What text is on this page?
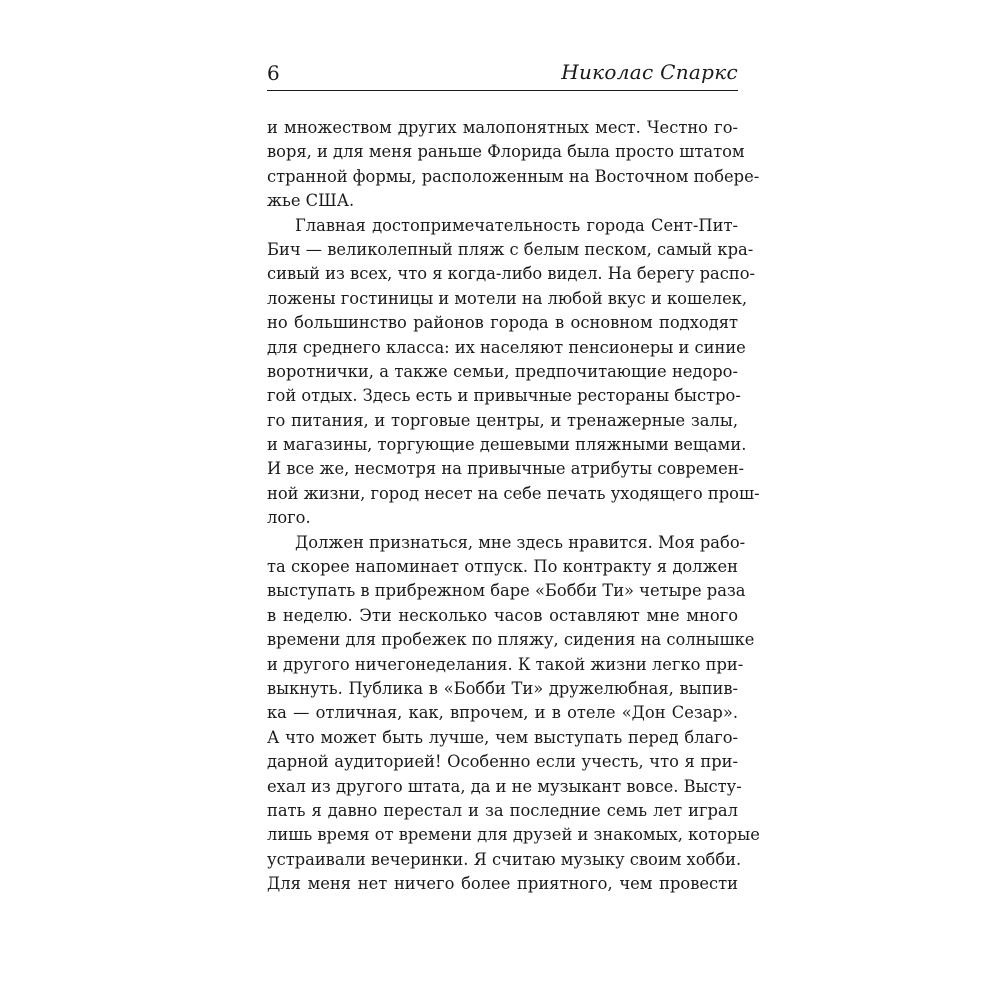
6	Николас Спаркс
и множеством других малопонятных мест. Честно го-
воря, и для меня раньше Флорида была просто штатом
странной формы, расположенным на Восточном побере-
жье США.
Главная достопримечательность города Сент-Пит-
Бич — великолепный пляж с белым песком, самый кра-
сивый из всех, что я когда-либо видел. На берегу распо-
ложены гостиницы и мотели на любой вкус и кошелек,
но большинство районов города в основном подходят
для среднего класса: их населяют пенсионеры и синие
воротнички, а также семьи, предпочитающие недоро-
гой отдых. Здесь есть и привычные рестораны быстро-
го питания, и торговые центры, и тренажерные залы,
и магазины, торгующие дешевыми пляжными вещами.
И все же, несмотря на привычные атрибуты современ-
ной жизни, город несет на себе печать уходящего прош-
лого.
Должен признаться, мне здесь нравится. Моя рабо-
та скорее напоминает отпуск. По контракту я должен
выступать в прибрежном баре «Бобби Ти» четыре раза
в неделю. Эти несколько часов оставляют мне много
времени для пробежек по пляжу, сидения на солнышке
и другого ничегонеделания. К такой жизни легко при-
выкнуть. Публика в «Бобби Ти» дружелюбная, выпив-
ка — отличная, как, впрочем, и в отеле «Дон Сезар».
А что может быть лучше, чем выступать перед благо-
дарной аудиторией! Особенно если учесть, что я при-
ехал из другого штата, да и не музыкант вовсе. Высту-
пать я давно перестал и за последние семь лет играл
лишь время от времени для друзей и знакомых, которые
устраивали вечеринки. Я считаю музыку своим хобби.
Для меня нет ничего более приятного, чем провести
